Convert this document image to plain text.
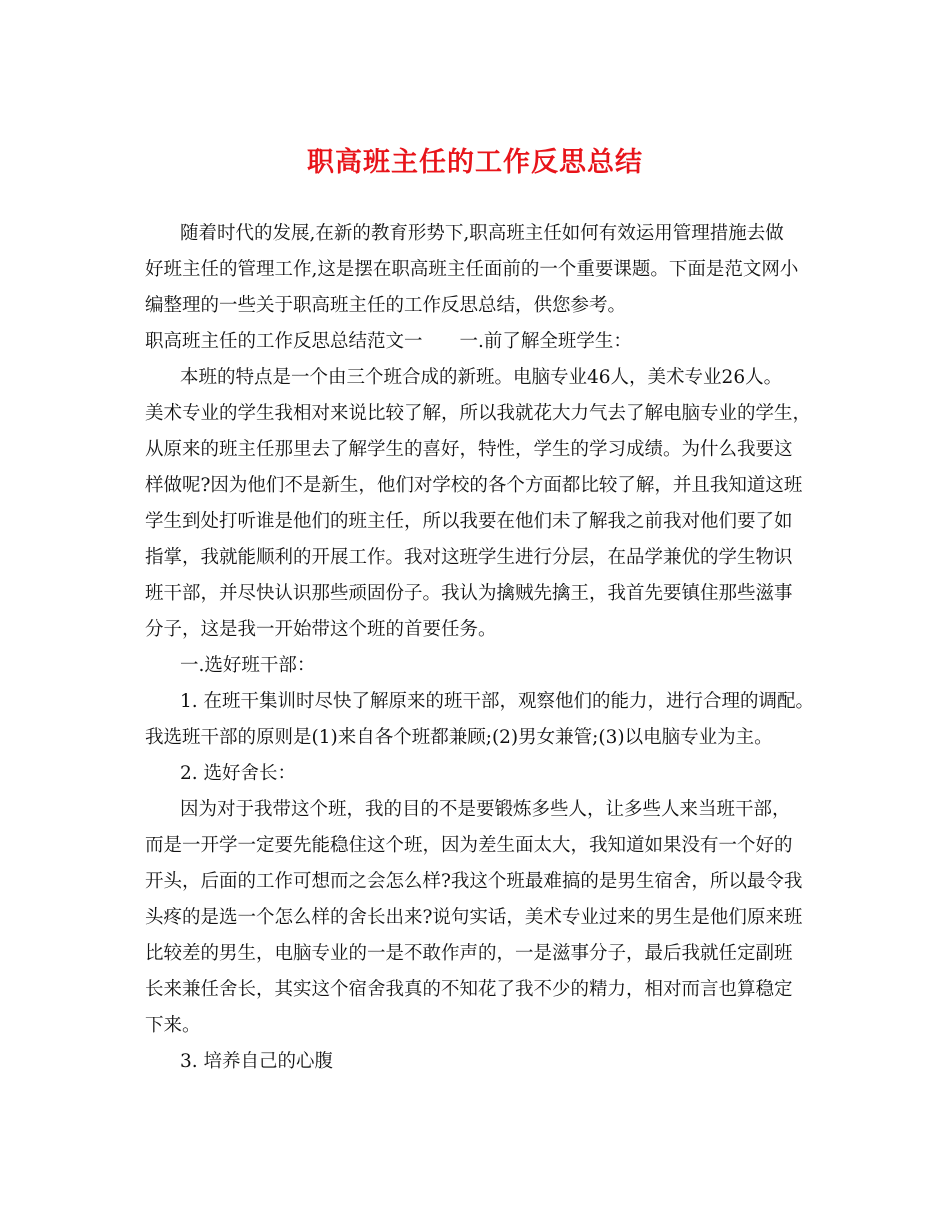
职高班主任的工作反思总结
随着时代的发展,在新的教育形势下,职高班主任如何有效运用管理措施去做
好班主任的管理工作,这是摆在职高班主任面前的一个重要课题。下面是范文网小
编整理的一些关于职高班主任的工作反思总结，供您参考。
职高班主任的工作反思总结范文一　　一.前了解全班学生：
本班的特点是一个由三个班合成的新班。电脑专业46人，美术专业26人。
美术专业的学生我相对来说比较了解，所以我就花大力气去了解电脑专业的学生，
从原来的班主任那里去了解学生的喜好，特性，学生的学习成绩。为什么我要这
样做呢?因为他们不是新生，他们对学校的各个方面都比较了解，并且我知道这班
学生到处打听谁是他们的班主任，所以我要在他们未了解我之前我对他们要了如
指掌，我就能顺利的开展工作。我对这班学生进行分层，在品学兼优的学生物识
班干部，并尽快认识那些顽固份子。我认为擒贼先擒王，我首先要镇住那些滋事
分子，这是我一开始带这个班的首要任务。
一.选好班干部：
1. 在班干集训时尽快了解原来的班干部，观察他们的能力，进行合理的调配。
我选班干部的原则是(1)来自各个班都兼顾;(2)男女兼管;(3)以电脑专业为主。
2. 选好舍长：
因为对于我带这个班，我的目的不是要锻炼多些人，让多些人来当班干部，
而是一开学一定要先能稳住这个班，因为差生面太大，我知道如果没有一个好的
开头，后面的工作可想而之会怎么样?我这个班最难搞的是男生宿舍，所以最令我
头疼的是选一个怎么样的舍长出来?说句实话，美术专业过来的男生是他们原来班
比较差的男生，电脑专业的一是不敢作声的，一是滋事分子，最后我就任定副班
长来兼任舍长，其实这个宿舍我真的不知花了我不少的精力，相对而言也算稳定
下来。
3. 培养自己的心腹
